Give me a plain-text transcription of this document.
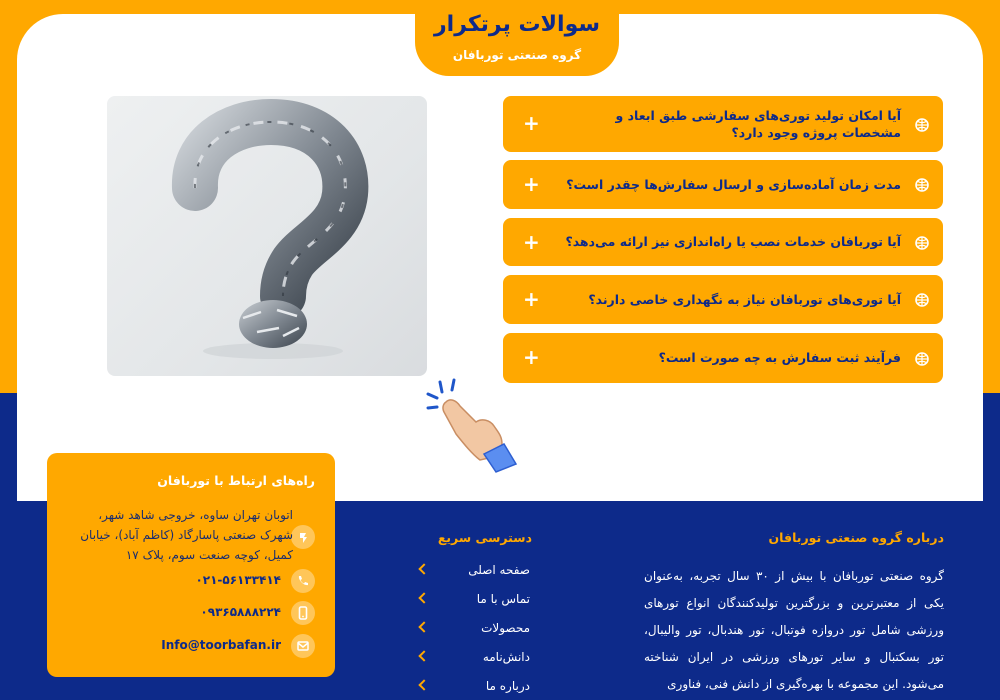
سوالات پرتکرار
گروه صنعتی توربافان
آیا امکان تولید توری‌های سفارشی طبق ابعاد و مشخصات پروژه وجود دارد؟
+
مدت زمان آماده‌سازی و ارسال سفارش‌ها چقدر است؟
+
آیا توربافان خدمات نصب یا راه‌اندازی نیز ارائه می‌دهد؟
+
آیا توری‌های توربافان نیاز به نگهداری خاصی دارند؟
+
فرآیند ثبت سفارش به چه صورت است؟
+
راه‌های ارتباط با توربافان
اتوبان تهران ساوه، خروجی شاهد شهر، شهرک صنعتی پاسارگاد (کاظم آباد)، خیابان کمیل، کوچه صنعت سوم، پلاک ۱۷
۰۲۱-۵۶۱۳۳۴۱۴
۰۹۳۶۵۸۸۸۲۲۴
Info@toorbafan.ir
دسترسی سریع
صفحه اصلی
تماس با ما
محصولات
دانش‌نامه
درباره ما
درباره گروه صنعتی توربافان
گروه صنعتی توربافان با بیش از ۳۰ سال تجربه، به‌عنوان یکی از معتبرترین و بزرگترین تولیدکنندگان انواع تورهای ورزشی شامل تور دروازه فوتبال، تور هندبال، تور والیبال، تور بسکتبال و سایر تورهای ورزشی در ایران شناخته می‌شود. این مجموعه با بهره‌گیری از دانش فنی، فناوری
